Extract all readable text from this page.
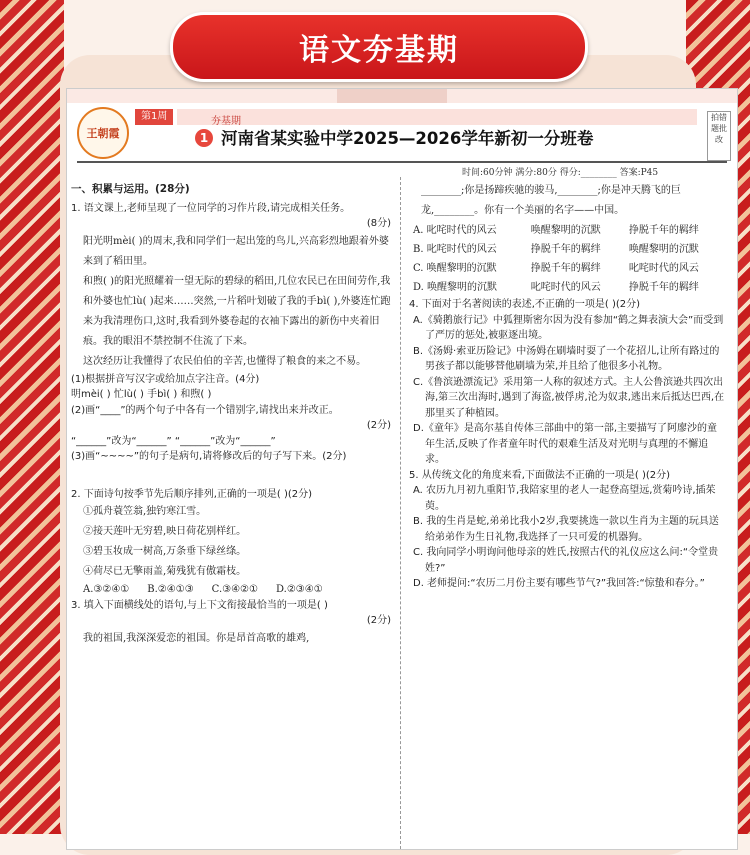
语文夯基期
王朝霞
夯基期
第1周
1 河南省某实验中学2025—2026学年新初一分班卷
拍错题批改
时间:60分钟 满分:80分 得分:________ 答案:P45

一、积累与运用。(28分)

1. 语文课上,老师呈现了一位同学的习作片段,请完成相关任务。

(8分)

阳光明mèi( )的周末,我和同学们一起出笼的鸟儿,兴高彩烈地跟着外婆来到了稻田里。

和煦( )的阳光照耀着一望无际的碧绿的稻田,几位农民已在田间劳作,我和外婆也忙lù( )起来……突然,一片稻叶划破了我的手bì( ),外婆连忙跑来为我清理伤口,这时,我看到外婆卷起的衣袖下露出的新伤中夹着旧痕。我的眼泪不禁控制不住流了下来。

这次经历让我懂得了农民伯伯的辛苦,也懂得了粮食的来之不易。

(1)根据拼音写汉字或给加点字注音。(4分)

明mèi( ) 忙lù( ) 手bì( ) 和煦( )

(2)画“____”的两个句子中各有一个错别字,请找出来并改正。

(2分)

“______”改为“______” “______”改为“______”

(3)画“~~~~”的句子是病句,请将修改后的句子写下来。(2分)

2. 下面诗句按季节先后顺序排列,正确的一项是( )(2分)

①孤舟蓑笠翁,独钓寒江雪。

②接天莲叶无穷碧,映日荷花别样红。

③碧玉妆成一树高,万条垂下绿丝绦。

④荷尽已无擎雨盖,菊残犹有傲霜枝。

A.③②④① B.②④①③ C.③④②① D.②③④①

3. 填入下面横线处的语句,与上下文衔接最恰当的一项是( )

(2分)

我的祖国,我深深爱恋的祖国。你是昂首高歌的雄鸡,

________;你是扬蹄疾驰的骏马,________;你是冲天腾飞的巨龙,________。你有一个美丽的名字——中国。

A. 叱咤时代的风云	唤醒黎明的沉默	挣脱千年的羁绊
B. 叱咤时代的风云	挣脱千年的羁绊	唤醒黎明的沉默
C. 唤醒黎明的沉默	挣脱千年的羁绊	叱咤时代的风云
D. 唤醒黎明的沉默	叱咤时代的风云	挣脱千年的羁绊

4. 下面对于名著阅读的表述,不正确的一项是( )(2分)

A.《骑鹅旅行记》中狐狸斯密尔因为没有参加“鹤之舞表演大会”而受到了严厉的惩处,被驱逐出境。

B.《汤姆·索亚历险记》中汤姆在刷墙时耍了一个花招儿,让所有路过的男孩子都以能够替他刷墙为荣,并且给了他很多小礼物。

C.《鲁滨逊漂流记》采用第一人称的叙述方式。主人公鲁滨逊共四次出海,第三次出海时,遇到了海盗,被俘虏,沦为奴隶,逃出来后抵达巴西,在那里买了种植园。

D.《童年》是高尔基自传体三部曲中的第一部,主要描写了阿廖沙的童年生活,反映了作者童年时代的艰难生活及对光明与真理的不懈追求。

5. 从传统文化的角度来看,下面做法不正确的一项是( )(2分)

A. 农历九月初九重阳节,我陪家里的老人一起登高望远,赏菊吟诗,插茱萸。

B. 我的生肖是蛇,弟弟比我小2岁,我要挑选一款以生肖为主题的玩具送给弟弟作为生日礼物,我选择了一只可爱的机器狗。

C. 我向同学小明询问他母亲的姓氏,按照古代的礼仪应这么问:“令堂贵姓?”

D. 老师提问:“农历二月份主要有哪些节气?”我回答:“惊蛰和春分。”
